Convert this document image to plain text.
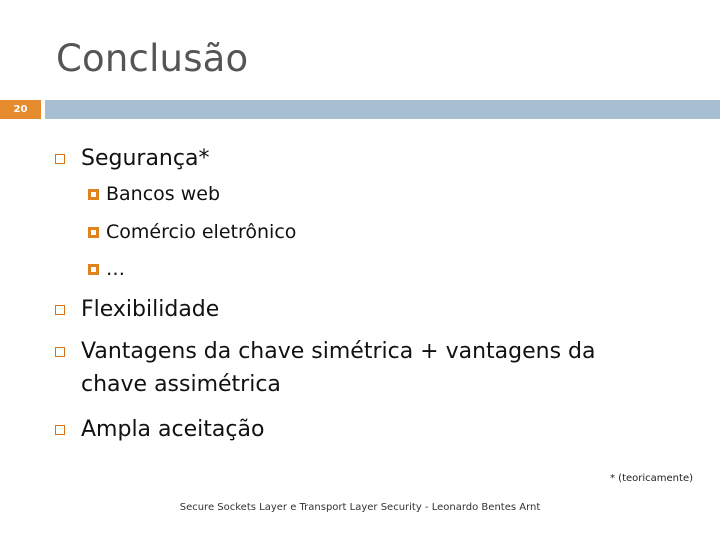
Conclusão
20
Segurança*
Bancos web
Comércio eletrônico
…
Flexibilidade
Vantagens da chave simétrica + vantagens da
chave assimétrica
Ampla aceitação
* (teoricamente)
Secure Sockets Layer e Transport Layer Security - Leonardo Bentes Arnt
